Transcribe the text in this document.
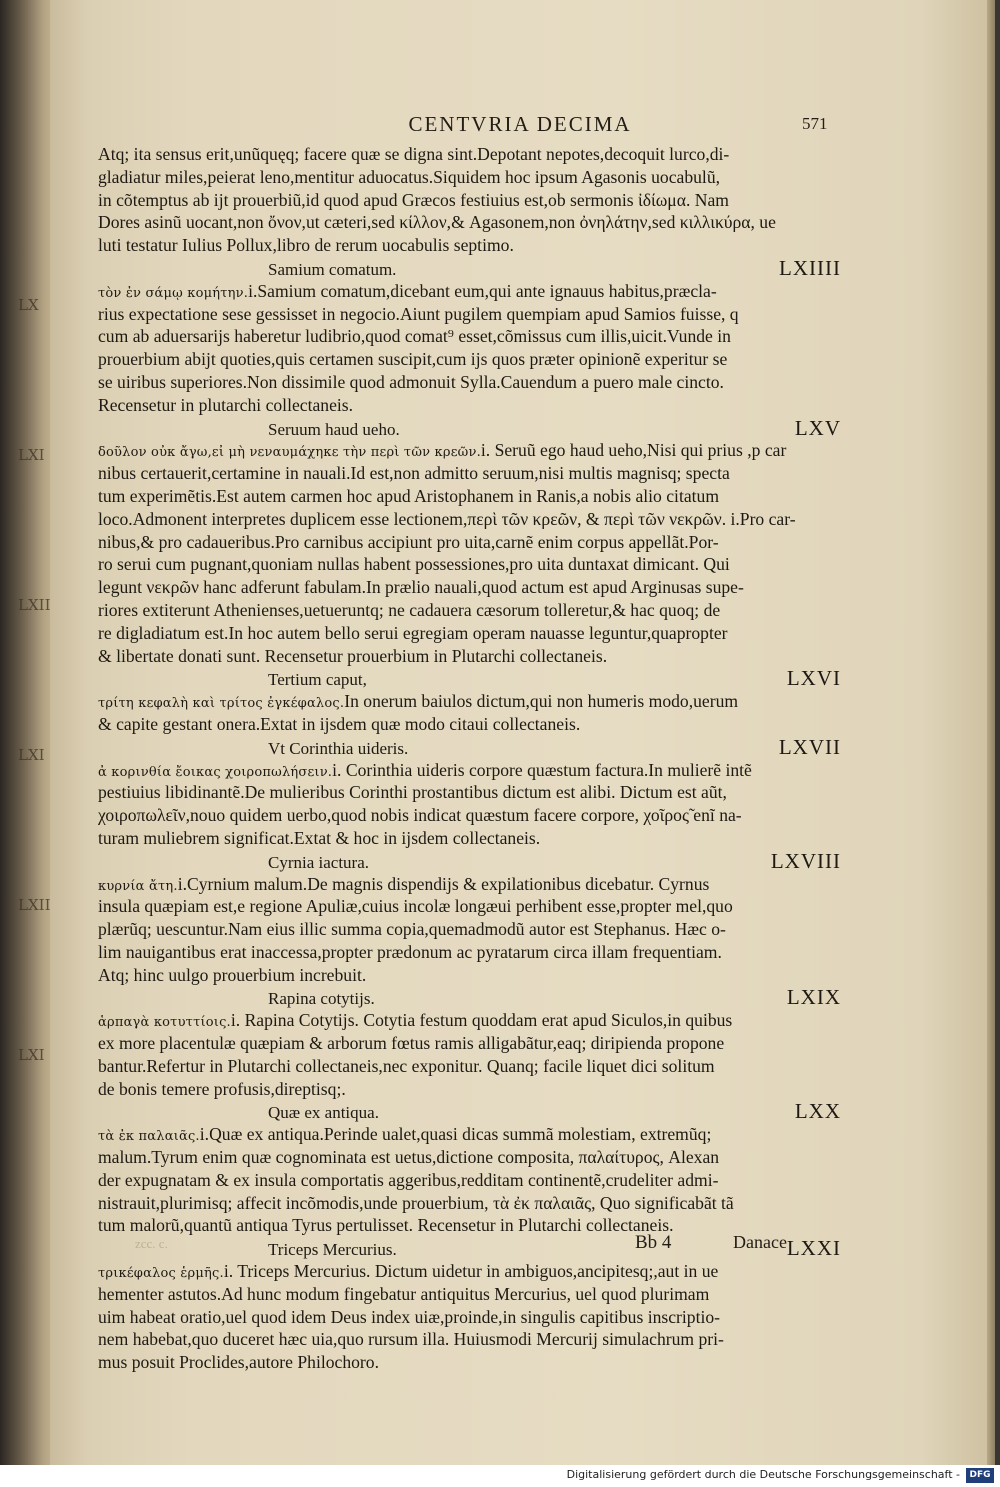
LX
LXI
LXII
LXI
LXII
LXI
CENTVRIA DECIMA	571
Atq; ita sensus erit,unũquęq; facere quæ se digna sint.Depotant nepotes,decoquit lurco,di-
gladiatur miles,peierat leno,mentitur aduocatus.Siquidem hoc ipsum Agasonis uocabulũ,
in cõtemptus ab ijt prouerbiũ,id quod apud Græcos festiuius est,ob sermonis ἰδίωμα. Nam
Dores asinũ uocant,non ὄνον,ut cæteri,sed κίλλον,& Agasonem,non ὀνηλάτην,sed κιλλικύρα, ue
luti testatur Iulius Pollux,libro de rerum uocabulis septimo.
Samium comatum.	LXIIII
τὸν ἐν σάμῳ κομήτην.i.Samium comatum,dicebant eum,qui ante ignauus habitus,præcla-
rius expectatione sese gessisset in negocio.Aiunt pugilem quempiam apud Samios fuisse, q
cum ab aduersarijs haberetur ludibrio,quod comat⁹ esset,cõmissus cum illis,uicit.Vunde in
prouerbium abijt quoties,quis certamen suscipit,cum ijs quos præter opinionẽ experitur se
se uiribus superiores.Non dissimile quod admonuit Sylla.Cauendum a puero male cincto.
Recensetur in plutarchi collectaneis.
Seruum haud ueho.	LXV
δοῦλον οὐκ ἄγω,εἰ μὴ νεναυμάχηκε τὴν περὶ τῶν κρεῶν.i. Seruũ ego haud ueho,Nisi qui prius ,p car
nibus certauerit,certamine in nauali.Id est,non admitto seruum,nisi multis magnisq; specta
tum experimẽtis.Est autem carmen hoc apud Aristophanem in Ranis,a nobis alio citatum
loco.Admonent interpretes duplicem esse lectionem,περὶ τῶν κρεῶν, & περὶ τῶν νεκρῶν. i.Pro car-
nibus,& pro cadaueribus.Pro carnibus accipiunt pro uita,carnẽ enim corpus appellãt.Por-
ro serui cum pugnant,quoniam nullas habent possessiones,pro uita duntaxat dimicant. Qui
legunt νεκρῶν hanc adferunt fabulam.In prælio nauali,quod actum est apud Arginusas supe-
riores extiterunt Athenienses,uetueruntq; ne cadauera cæsorum tolleretur,& hac quoq; de
re digladiatum est.In hoc autem bello serui egregiam operam nauasse leguntur,quapropter
& libertate donati sunt. Recensetur prouerbium in Plutarchi collectaneis.
Tertium caput,	LXVI
τρίτη κεφαλὴ καὶ τρίτος ἐγκέφαλος.In onerum baiulos dictum,qui non humeris modo,uerum
& capite gestant onera.Extat in ijsdem quæ modo citaui collectaneis.
Vt Corinthia uideris.	LXVII
ἀ κορινθία ἔοικας χοιροπωλήσειν.i. Corinthia uideris corpore quæstum factura.In mulierẽ intẽ
pestiuius libidinantẽ.De mulieribus Corinthi prostantibus dictum est alibi. Dictum est aũt,
χοιροπωλεῖν,nouo quidem uerbo,quod nobis indicat quæstum facere corpore, χοῖρος̃ enĩ na-
turam muliebrem significat.Extat & hoc in ijsdem collectaneis.
Cyrnia iactura.	LXVIII
κυρνία ἄτη.i.Cyrnium malum.De magnis dispendijs & expilationibus dicebatur. Cyrnus
insula quæpiam est,e regione Apuliæ,cuius incolæ longæui perhibent esse,propter mel,quo
plærũq; uescuntur.Nam eius illic summa copia,quemadmodũ autor est Stephanus. Hæc o-
lim nauigantibus erat inaccessa,propter prædonum ac pyratarum circa illam frequentiam.
Atq; hinc uulgo prouerbium increbuit.
Rapina cotytijs.	LXIX
ἁρπαγὰ κοτυττίοις.i. Rapina Cotytijs. Cotytia festum quoddam erat apud Siculos,in quibus
ex more placentulæ quæpiam & arborum fœtus ramis alligabãtur,eaq; diripienda propone
bantur.Refertur in Plutarchi collectaneis,nec exponitur. Quanq; facile liquet dici solitum
de bonis temere profusis,direptisq;.
Quæ ex antiqua.	LXX
τὰ ἐκ παλαιᾶς.i.Quæ ex antiqua.Perinde ualet,quasi dicas summã molestiam, extremũq;
malum.Tyrum enim quæ cognominata est uetus,dictione composita, παλαίτυρος, Alexan
der expugnatam & ex insula comportatis aggeribus,redditam continentẽ,crudeliter admi-
nistrauit,plurimisq; affecit incõmodis,unde prouerbium, τὰ ἐκ παλαιᾶς, Quo significabãt tã
tum malorũ,quantũ antiqua Tyrus pertulisset. Recensetur in Plutarchi collectaneis.
Triceps Mercurius.	LXXI
τρικέφαλος ἑρμῆς.i. Triceps Mercurius. Dictum uidetur in ambiguos,ancipitesq;,aut in ue
hementer astutos.Ad hunc modum fingebatur antiquitus Mercurius, uel quod plurimam
uim habeat oratio,uel quod idem Deus index uiæ,proinde,in singulis capitibus inscriptio-
nem habebat,quo duceret hæc uia,quo rursum illa. Huiusmodi Mercurij simulachrum pri-
mus posuit Proclides,autore Philochoro.
zcc. c.	Bb 4	Danace
Digitalisierung gefördert durch die Deutsche Forschungsgemeinschaft -	DFG
